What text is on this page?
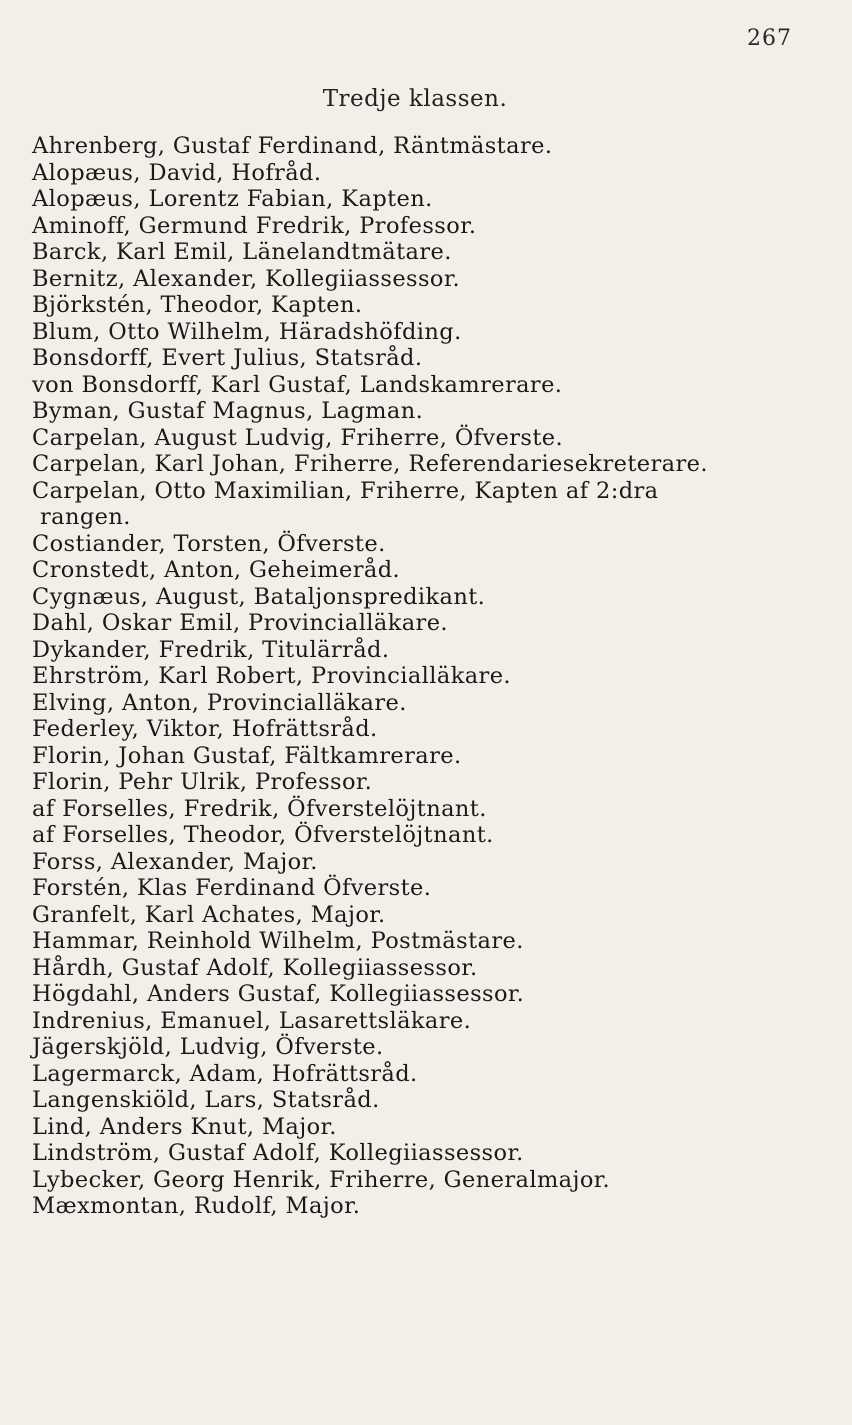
267
Tredje klassen.
Ahrenberg, Gustaf Ferdinand, Räntmästare.
Alopæus, David, Hofråd.
Alopæus, Lorentz Fabian, Kapten.
Aminoff, Germund Fredrik, Professor.
Barck, Karl Emil, Länelandtmätare.
Bernitz, Alexander, Kollegiiassessor.
Björkstén, Theodor, Kapten.
Blum, Otto Wilhelm, Häradshöfding.
Bonsdorff, Evert Julius, Statsråd.
von Bonsdorff, Karl Gustaf, Landskamrerare.
Byman, Gustaf Magnus, Lagman.
Carpelan, August Ludvig, Friherre, Öfverste.
Carpelan, Karl Johan, Friherre, Referendariesekreterare.
Carpelan, Otto Maximilian, Friherre, Kapten af 2:dra
rangen.
Costiander, Torsten, Öfverste.
Cronstedt, Anton, Geheimeråd.
Cygnæus, August, Bataljonspredikant.
Dahl, Oskar Emil, Provincialläkare.
Dykander, Fredrik, Titulärråd.
Ehrström, Karl Robert, Provincialläkare.
Elving, Anton, Provincialläkare.
Federley, Viktor, Hofrättsråd.
Florin, Johan Gustaf, Fältkamrerare.
Florin, Pehr Ulrik, Professor.
af Forselles, Fredrik, Öfverstelöjtnant.
af Forselles, Theodor, Öfverstelöjtnant.
Forss, Alexander, Major.
Forstén, Klas Ferdinand Öfverste.
Granfelt, Karl Achates, Major.
Hammar, Reinhold Wilhelm, Postmästare.
Hårdh, Gustaf Adolf, Kollegiiassessor.
Högdahl, Anders Gustaf, Kollegiiassessor.
Indrenius, Emanuel, Lasarettsläkare.
Jägerskjöld, Ludvig, Öfverste.
Lagermarck, Adam, Hofrättsråd.
Langenskiöld, Lars, Statsråd.
Lind, Anders Knut, Major.
Lindström, Gustaf Adolf, Kollegiiassessor.
Lybecker, Georg Henrik, Friherre, Generalmajor.
Mæxmontan, Rudolf, Major.
